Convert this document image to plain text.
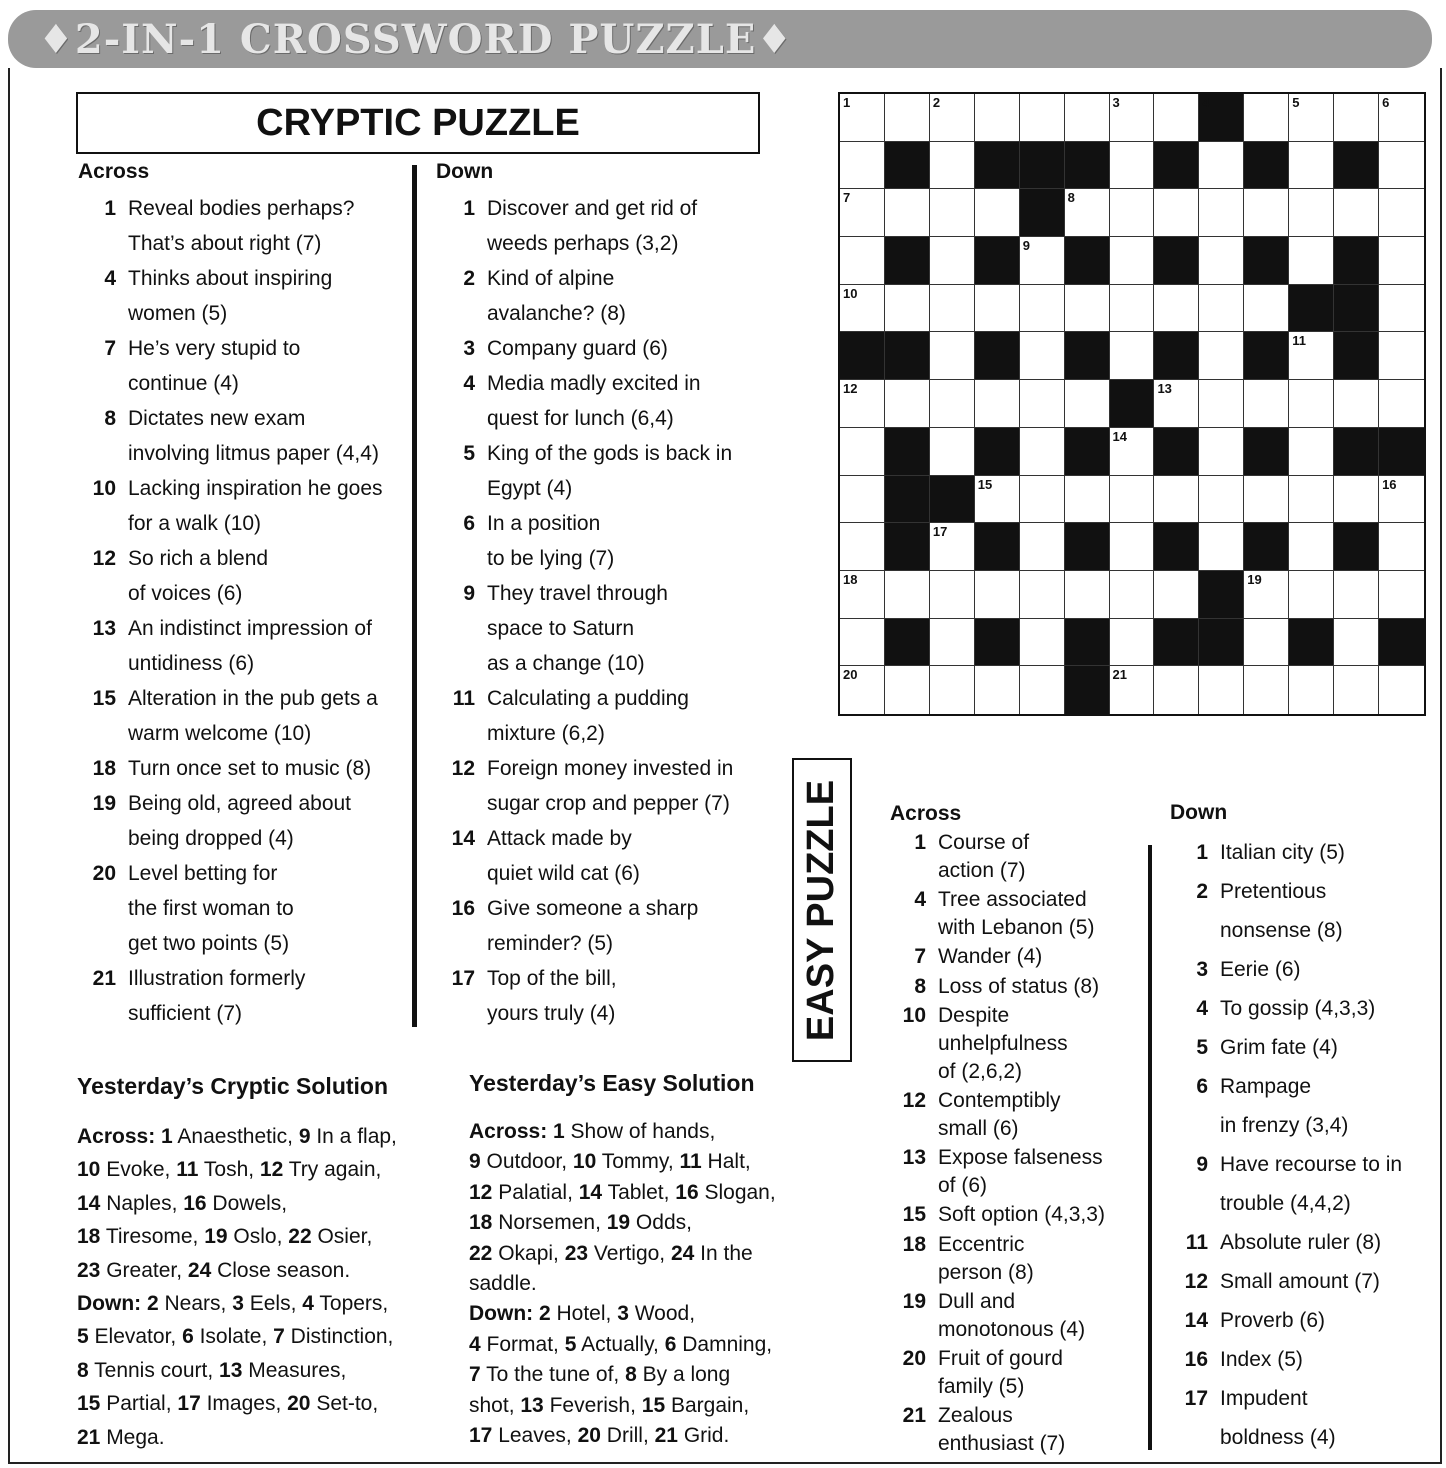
♦2-IN-1 CROSSWORD PUZZLE♦
CRYPTIC PUZZLE
Across	Down
1 Reveal bodies perhaps?
That’s about right (7)
4 Thinks about inspiring
women (5)
7 He’s very stupid to
continue (4)
8 Dictates new exam
involving litmus paper (4,4)
10 Lacking inspiration he goes
for a walk (10)
12 So rich a blend
of voices (6)
13 An indistinct impression of
untidiness (6)
15 Alteration in the pub gets a
warm welcome (10)
18 Turn once set to music (8)
19 Being old, agreed about
being dropped (4)
20 Level betting for
the first woman to
get two points (5)
21 Illustration formerly
sufficient (7)
1 Discover and get rid of
weeds perhaps (3,2)
2 Kind of alpine
avalanche? (8)
3 Company guard (6)
4 Media madly excited in
quest for lunch (6,4)
5 King of the gods is back in
Egypt (4)
6 In a position
to be lying (7)
9 They travel through
space to Saturn
as a change (10)
11 Calculating a pudding
mixture (6,2)
12 Foreign money invested in
sugar crop and pepper (7)
14 Attack made by
quiet wild cat (6)
16 Give someone a sharp
reminder? (5)
17 Top of the bill,
yours truly (4)
1	2	3	4	5	6
7	8
9
10
11
12	13
14
15	16
17
18	19
20	21
EASY PUZZLE Across	Down
1 Course of
action (7)
4 Tree associated
with Lebanon (5)
7 Wander (4)
8 Loss of status (8)
10 Despite
unhelpfulness
of (2,6,2)
12 Contemptibly
small (6)
13 Expose falseness
of (6)
15 Soft option (4,3,3)
18 Eccentric
person (8)
19 Dull and
monotonous (4)
20 Fruit of gourd
family (5)
21 Zealous
enthusiast (7)
1 Italian city (5)
2 Pretentious
nonsense (8)
3 Eerie (6)
4 To gossip (4,3,3)
5 Grim fate (4)
6 Rampage
in frenzy (3,4)
9 Have recourse to in
trouble (4,4,2)
11 Absolute ruler (8)
12 Small amount (7)
14 Proverb (6)
16 Index (5)
17 Impudent
boldness (4)
Yesterday’s Cryptic Solution
Across: 1 Anaesthetic, 9 In a flap,
10 Evoke, 11 Tosh, 12 Try again,
14 Naples, 16 Dowels,
18 Tiresome, 19 Oslo, 22 Osier,
23 Greater, 24 Close season.
Down: 2 Nears, 3 Eels, 4 Topers,
5 Elevator, 6 Isolate, 7 Distinction,
8 Tennis court, 13 Measures,
15 Partial, 17 Images, 20 Set-to,
21 Mega.
Yesterday’s Easy Solution
Across: 1 Show of hands,
9 Outdoor, 10 Tommy, 11 Halt,
12 Palatial, 14 Tablet, 16 Slogan,
18 Norsemen, 19 Odds,
22 Okapi, 23 Vertigo, 24 In the
saddle.
Down: 2 Hotel, 3 Wood,
4 Format, 5 Actually, 6 Damning,
7 To the tune of, 8 By a long
shot, 13 Feverish, 15 Bargain,
17 Leaves, 20 Drill, 21 Grid.
